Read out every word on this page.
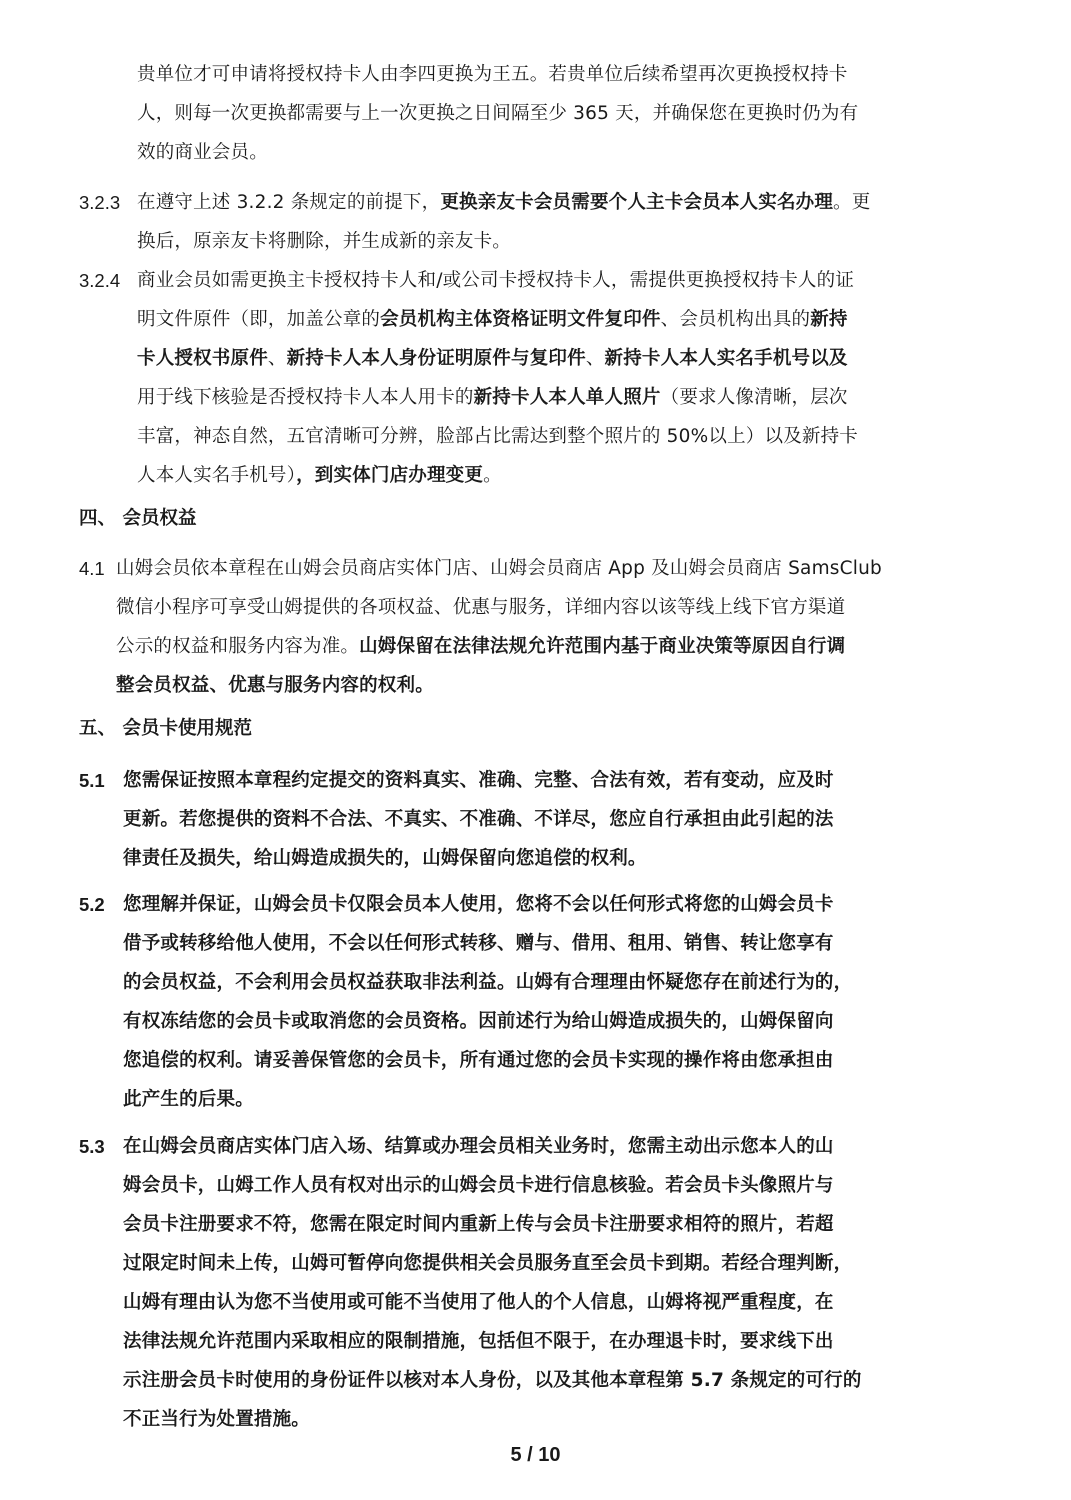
贵单位才可申请将授权持卡人由李四更换为王五。若贵单位后续希望再次更换授权持卡
人，则每一次更换都需要与上一次更换之日间隔至少 365 天，并确保您在更换时仍为有
效的商业会员。
3.2.3 在遵守上述 3.2.2 条规定的前提下，更换亲友卡会员需要个人主卡会员本人实名办理。更
换后，原亲友卡将删除，并生成新的亲友卡。
3.2.4 商业会员如需更换主卡授权持卡人和/或公司卡授权持卡人，需提供更换授权持卡人的证
明文件原件（即，加盖公章的会员机构主体资格证明文件复印件、会员机构出具的新持
卡人授权书原件、新持卡人本人身份证明原件与复印件、新持卡人本人实名手机号以及
用于线下核验是否授权持卡人本人用卡的新持卡人本人单人照片（要求人像清晰，层次
丰富，神态自然，五官清晰可分辨，脸部占比需达到整个照片的 50%以上）以及新持卡
人本人实名手机号），到实体门店办理变更。
四、 会员权益
4.1 山姆会员依本章程在山姆会员商店实体门店、山姆会员商店 App 及山姆会员商店 SamsClub
微信小程序可享受山姆提供的各项权益、优惠与服务，详细内容以该等线上线下官方渠道
公示的权益和服务内容为准。山姆保留在法律法规允许范围内基于商业决策等原因自行调
整会员权益、优惠与服务内容的权利。
五、 会员卡使用规范
5.1 您需保证按照本章程约定提交的资料真实、准确、完整、合法有效，若有变动，应及时
更新。若您提供的资料不合法、不真实、不准确、不详尽，您应自行承担由此引起的法
律责任及损失，给山姆造成损失的，山姆保留向您追偿的权利。
5.2 您理解并保证，山姆会员卡仅限会员本人使用，您将不会以任何形式将您的山姆会员卡
借予或转移给他人使用，不会以任何形式转移、赠与、借用、租用、销售、转让您享有
的会员权益，不会利用会员权益获取非法利益。山姆有合理理由怀疑您存在前述行为的，
有权冻结您的会员卡或取消您的会员资格。因前述行为给山姆造成损失的，山姆保留向
您追偿的权利。请妥善保管您的会员卡，所有通过您的会员卡实现的操作将由您承担由
此产生的后果。
5.3 在山姆会员商店实体门店入场、结算或办理会员相关业务时，您需主动出示您本人的山
姆会员卡，山姆工作人员有权对出示的山姆会员卡进行信息核验。若会员卡头像照片与
会员卡注册要求不符，您需在限定时间内重新上传与会员卡注册要求相符的照片，若超
过限定时间未上传，山姆可暂停向您提供相关会员服务直至会员卡到期。若经合理判断，
山姆有理由认为您不当使用或可能不当使用了他人的个人信息，山姆将视严重程度，在
法律法规允许范围内采取相应的限制措施，包括但不限于，在办理退卡时，要求线下出
示注册会员卡时使用的身份证件以核对本人身份，以及其他本章程第 5.7 条规定的可行的
不正当行为处置措施。
5 / 10
